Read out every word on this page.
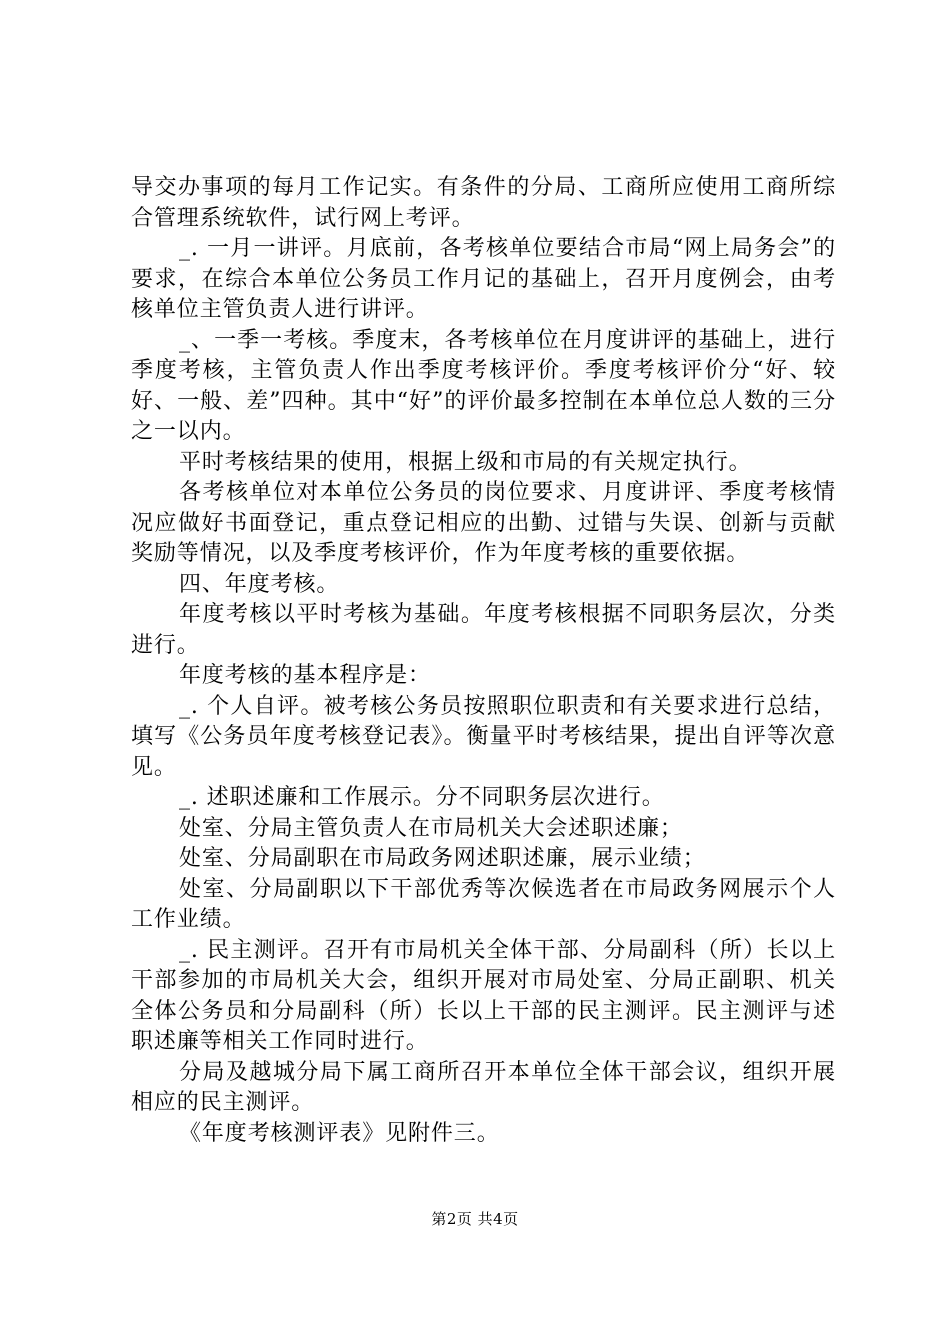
导交办事项的每月工作记实。有条件的分局、工商所应使用工商所综合管理系统软件，试行网上考评。

_. 一月一讲评。月底前，各考核单位要结合市局“网上局务会”的要求，在综合本单位公务员工作月记的基础上，召开月度例会，由考核单位主管负责人进行讲评。

_、一季一考核。季度末，各考核单位在月度讲评的基础上，进行季度考核，主管负责人作出季度考核评价。季度考核评价分“好、较好、一般、差”四种。其中“好”的评价最多控制在本单位总人数的三分之一以内。

平时考核结果的使用，根据上级和市局的有关规定执行。

各考核单位对本单位公务员的岗位要求、月度讲评、季度考核情况应做好书面登记，重点登记相应的出勤、过错与失误、创新与贡献奖励等情况，以及季度考核评价，作为年度考核的重要依据。

四、年度考核。

年度考核以平时考核为基础。年度考核根据不同职务层次，分类进行。

年度考核的基本程序是：

_. 个人自评。被考核公务员按照职位职责和有关要求进行总结，填写《公务员年度考核登记表》。衡量平时考核结果，提出自评等次意见。

_. 述职述廉和工作展示。分不同职务层次进行。

处室、分局主管负责人在市局机关大会述职述廉；

处室、分局副职在市局政务网述职述廉，展示业绩；

处室、分局副职以下干部优秀等次候选者在市局政务网展示个人工作业绩。

_. 民主测评。召开有市局机关全体干部、分局副科（所）长以上干部参加的市局机关大会，组织开展对市局处室、分局正副职、机关全体公务员和分局副科（所）长以上干部的民主测评。民主测评与述职述廉等相关工作同时进行。

分局及越城分局下属工商所召开本单位全体干部会议，组织开展相应的民主测评。

《年度考核测评表》见附件三。

第2页 共4页
